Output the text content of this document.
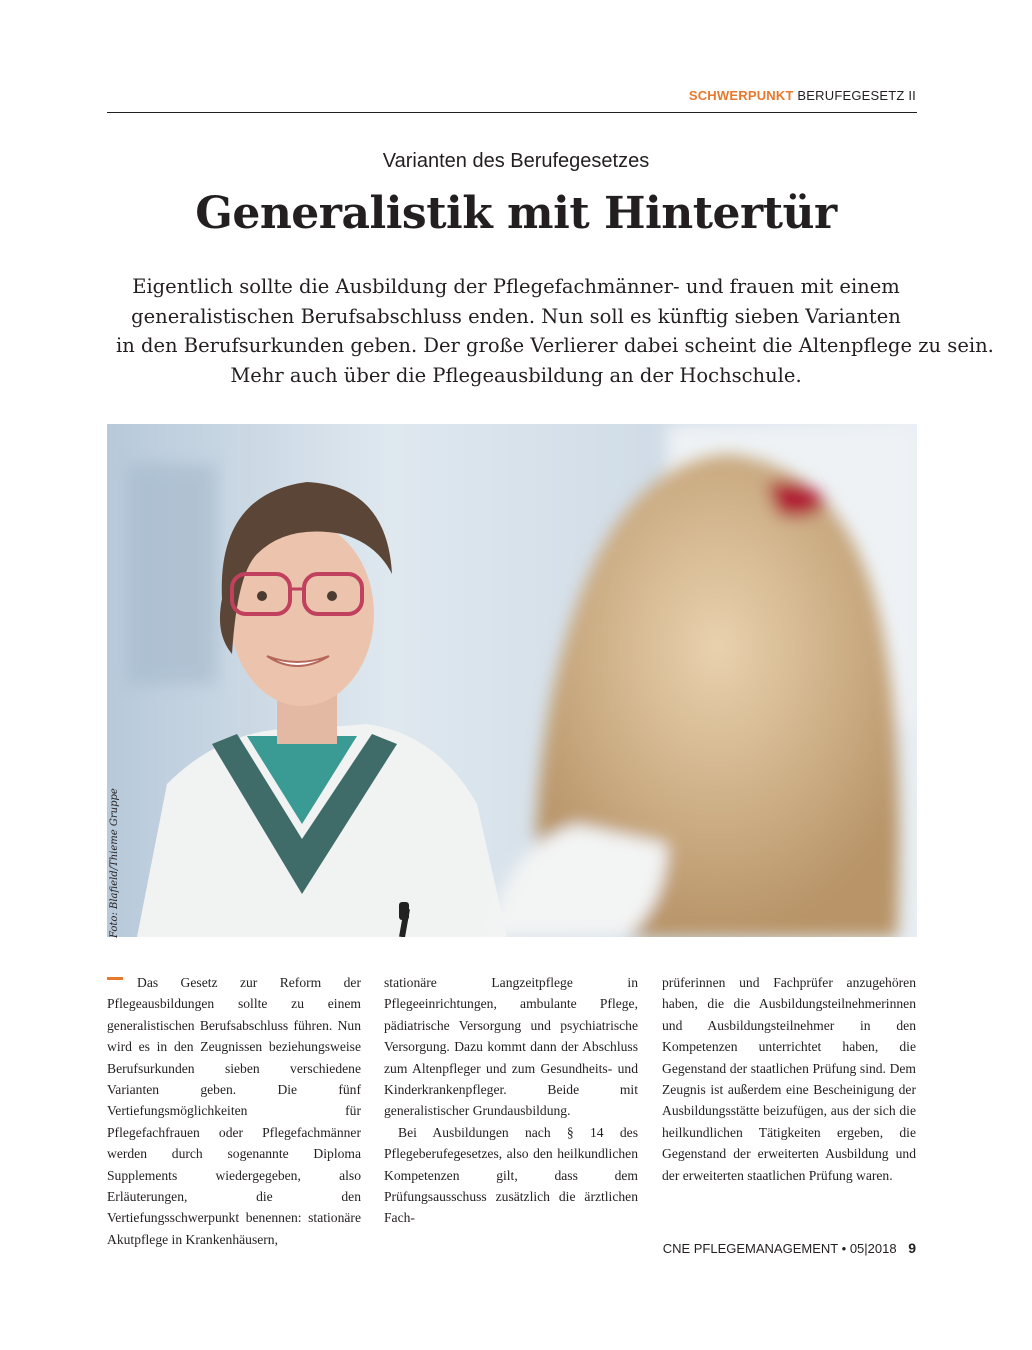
SCHWERPUNKT BERUFEGESETZ II
Varianten des Berufegesetzes
Generalistik mit Hintertür
Eigentlich sollte die Ausbildung der Pflegefachmänner- und frauen mit einem
generalistischen Berufsabschluss enden. Nun soll es künftig sieben Varianten
in den Berufsurkunden geben. Der große Verlierer dabei scheint die Altenpflege zu sein.
Mehr auch über die Pflegeausbildung an der Hochschule.
Foto: Blafield/Thieme Gruppe

Das Gesetz zur Reform der Pflegeausbildungen sollte zu einem generalistischen Berufsabschluss führen. Nun wird es in den Zeugnissen beziehungsweise Berufsurkunden sieben verschiedene Varianten geben. Die fünf Vertiefungsmöglichkeiten für Pflegefachfrauen oder Pflegefachmänner werden durch sogenannte Diploma Supplements wiedergegeben, also Erläuterungen, die den Vertiefungsschwerpunkt benennen: stationäre Akutpflege in Krankenhäusern,

stationäre Langzeitpflege in Pflegeeinrichtungen, ambulante Pflege, pädiatrische Versorgung und psychiatrische Versorgung. Dazu kommt dann der Abschluss zum Altenpfleger und zum Gesundheits- und Kinderkrankenpfleger. Beide mit generalistischer Grundausbildung.

Bei Ausbildungen nach § 14 des Pflegeberufegesetzes, also den heilkundlichen Kompetenzen gilt, dass dem Prüfungsausschuss zusätzlich die ärztlichen Fach-

prüferinnen und Fachprüfer anzugehören haben, die die Ausbildungsteilnehmerinnen und Ausbildungsteilnehmer in den Kompetenzen unterrichtet haben, die Gegenstand der staatlichen Prüfung sind. Dem Zeugnis ist außerdem eine Bescheinigung der Ausbildungsstätte beizufügen, aus der sich die heilkundlichen Tätigkeiten ergeben, die Gegenstand der erweiterten Ausbildung und der erweiterten staatlichen Prüfung waren.

CNE PFLEGEMANAGEMENT • 05|2018 9
